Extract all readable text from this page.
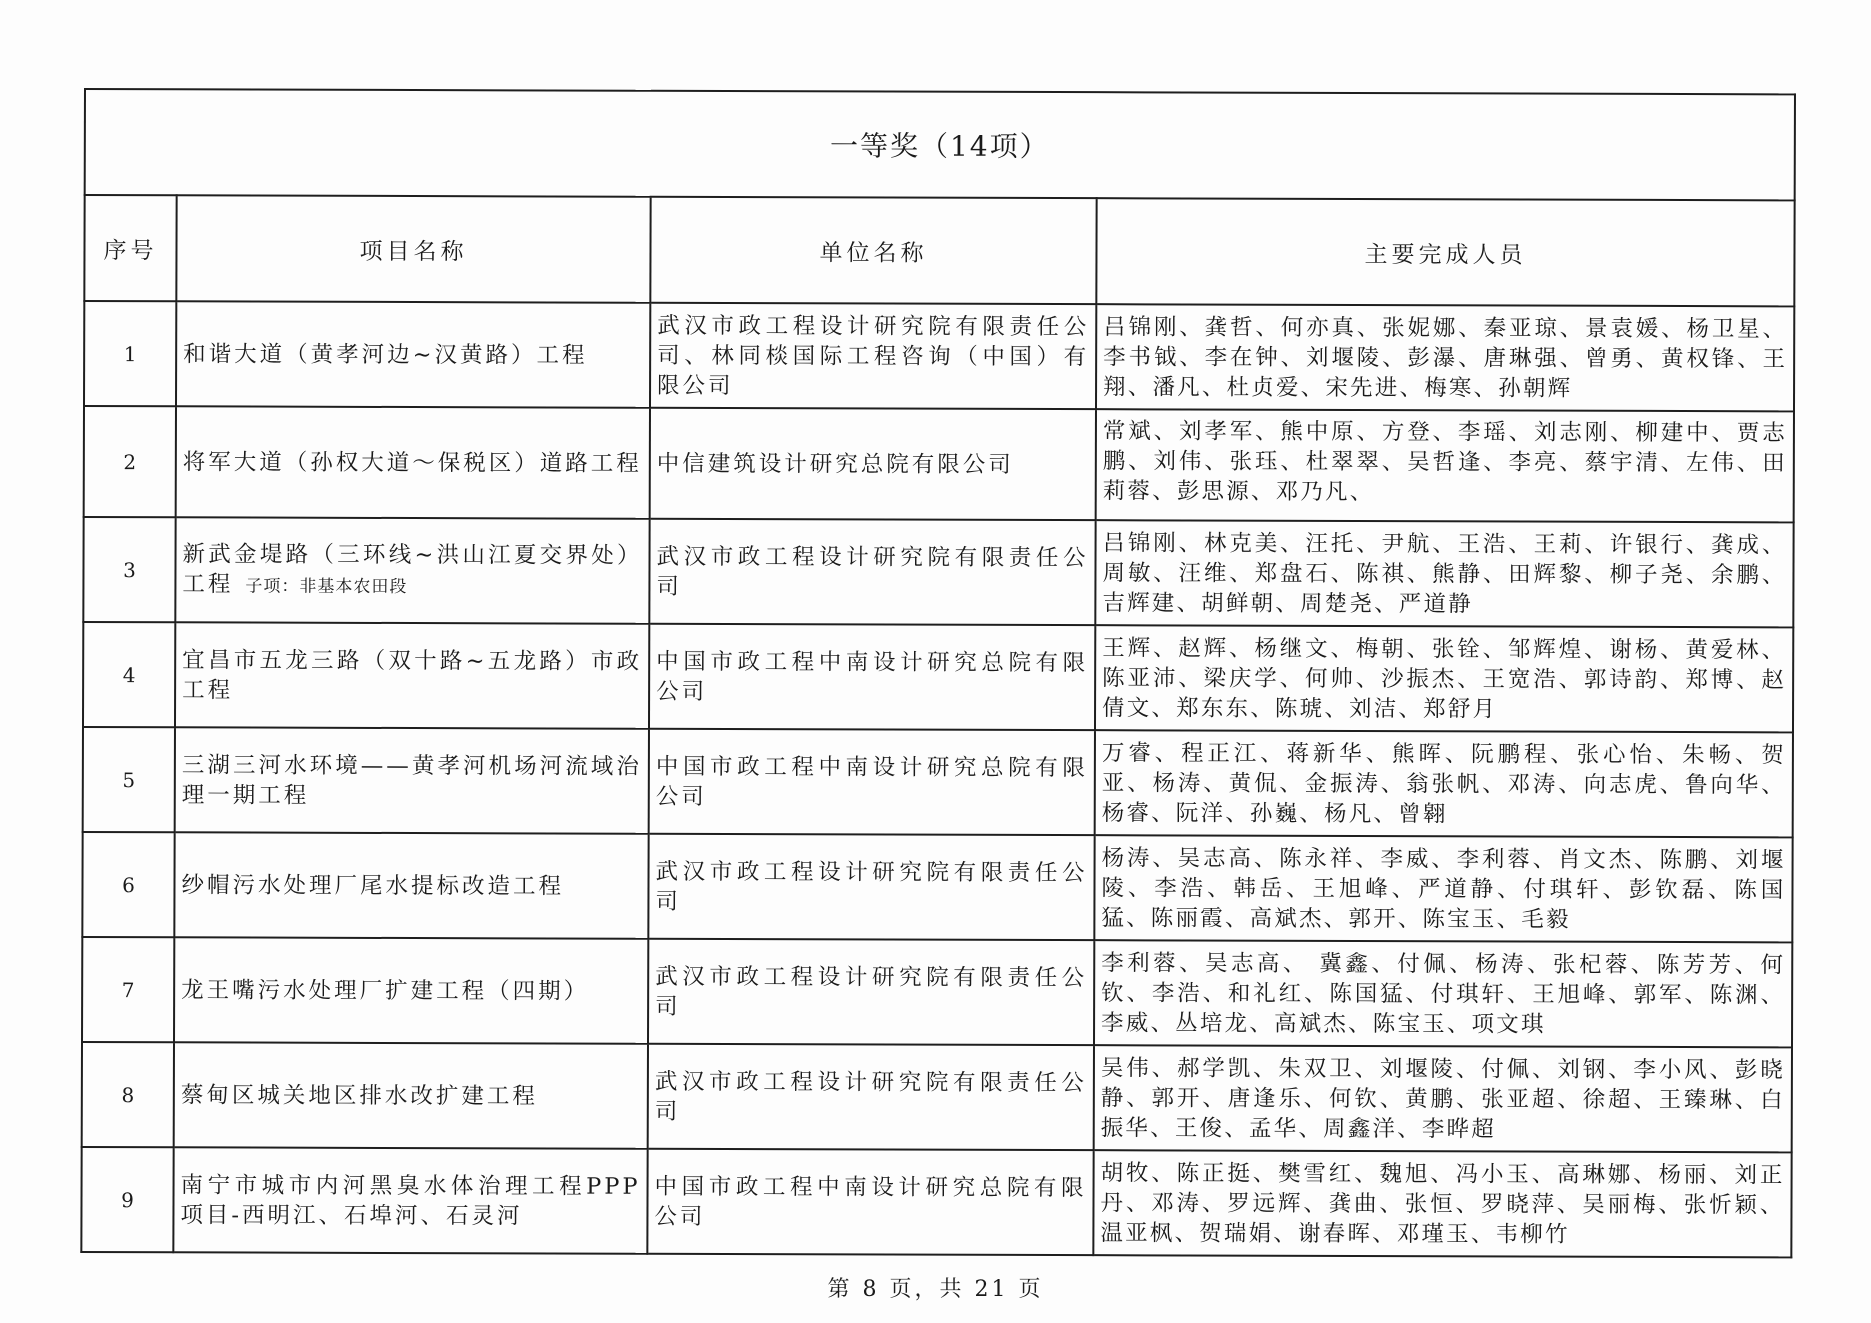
一等奖（14项）			
序号	项目名称	单位名称	主要完成人员
1	和谐大道（黄孝河边~汉黄路）工程	武汉市政工程设计研究院有限责任公司、林同棪国际工程咨询（中国）有限公司	吕锦刚、龚哲、何亦真、张妮娜、秦亚琼、景袁媛、杨卫星、李书钺、李在钟、刘堰陵、彭瀑、唐琳强、曾勇、黄权锋、王翔、潘凡、杜贞爱、宋先进、梅寒、孙朝辉
2	将军大道（孙权大道～保税区）道路工程	中信建筑设计研究总院有限公司	常斌、刘孝军、熊中原、方登、李瑶、刘志刚、柳建中、贾志鹏、刘伟、张珏、杜翠翠、吴哲逢、李亮、蔡宇清、左伟、田莉蓉、彭思源、邓乃凡、
3	新武金堤路（三环线~洪山江夏交界处）工程 子项：非基本农田段	武汉市政工程设计研究院有限责任公司	吕锦刚、林克美、汪托、尹航、王浩、王莉、许银行、龚成、周敏、汪维、郑盘石、陈祺、熊静、田辉黎、柳子尧、余鹏、吉辉建、胡鲜朝、周楚尧、严道静
4	宜昌市五龙三路（双十路~五龙路）市政工程	中国市政工程中南设计研究总院有限公司	王辉、赵辉、杨继文、梅朝、张铨、邹辉煌、谢杨、黄爱林、陈亚沛、梁庆学、何帅、沙振杰、王宽浩、郭诗韵、郑博、赵倩文、郑东东、陈琥、刘洁、郑舒月
5	三湖三河水环境——黄孝河机场河流域治理一期工程	中国市政工程中南设计研究总院有限公司	万睿、程正江、蒋新华、熊晖、阮鹏程、张心怡、朱畅、贺亚、杨涛、黄侃、金振涛、翁张帆、邓涛、向志虎、鲁向华、杨睿、阮洋、孙巍、杨凡、曾翱
6	纱帽污水处理厂尾水提标改造工程	武汉市政工程设计研究院有限责任公司	杨涛、吴志高、陈永祥、李威、李利蓉、肖文杰、陈鹏、刘堰陵、李浩、韩岳、王旭峰、严道静、付琪轩、彭钦磊、陈国猛、陈丽霞、高斌杰、郭开、陈宝玉、毛毅
7	龙王嘴污水处理厂扩建工程（四期）	武汉市政工程设计研究院有限责任公司	李利蓉、吴志高、 冀鑫、付佩、杨涛、张杞蓉、陈芳芳、何钦、李浩、和礼红、陈国猛、付琪轩、王旭峰、郭军、陈渊、李威、丛培龙、高斌杰、陈宝玉、项文琪
8	蔡甸区城关地区排水改扩建工程	武汉市政工程设计研究院有限责任公司	吴伟、郝学凯、朱双卫、刘堰陵、付佩、刘钢、李小风、彭晓静、郭开、唐逢乐、何钦、黄鹏、张亚超、徐超、王臻琳、白振华、王俊、孟华、周鑫洋、李晔超
9	南宁市城市内河黑臭水体治理工程PPP项目-西明江、石埠河、石灵河	中国市政工程中南设计研究总院有限公司	胡牧、陈正挺、樊雪红、魏旭、冯小玉、高琳娜、杨丽、刘正丹、邓涛、罗远辉、龚曲、张恒、罗晓萍、吴丽梅、张忻颖、温亚枫、贺瑞娟、谢春晖、邓瑾玉、韦柳竹
第 8 页，共 21 页
